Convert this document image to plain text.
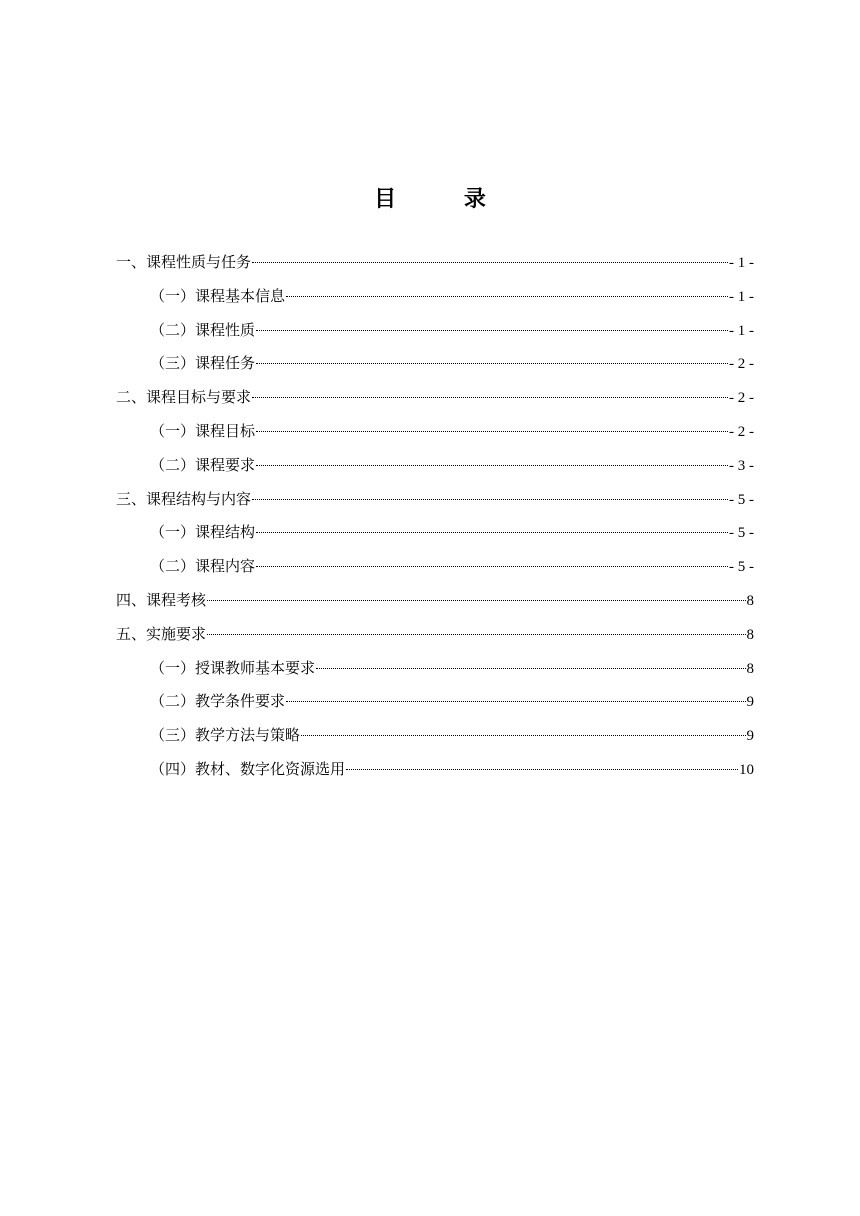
目 录
一、课程性质与任务	- 1 -
（一）课程基本信息	- 1 -
（二）课程性质	- 1 -
（三）课程任务	- 2 -
二、课程目标与要求	- 2 -
（一）课程目标	- 2 -
（二）课程要求	- 3 -
三、课程结构与内容	- 5 -
（一）课程结构	- 5 -
（二）课程内容	- 5 -
四、课程考核	8
五、实施要求	8
（一）授课教师基本要求	8
（二）教学条件要求	9
（三）教学方法与策略	9
（四）教材、数字化资源选用	10
